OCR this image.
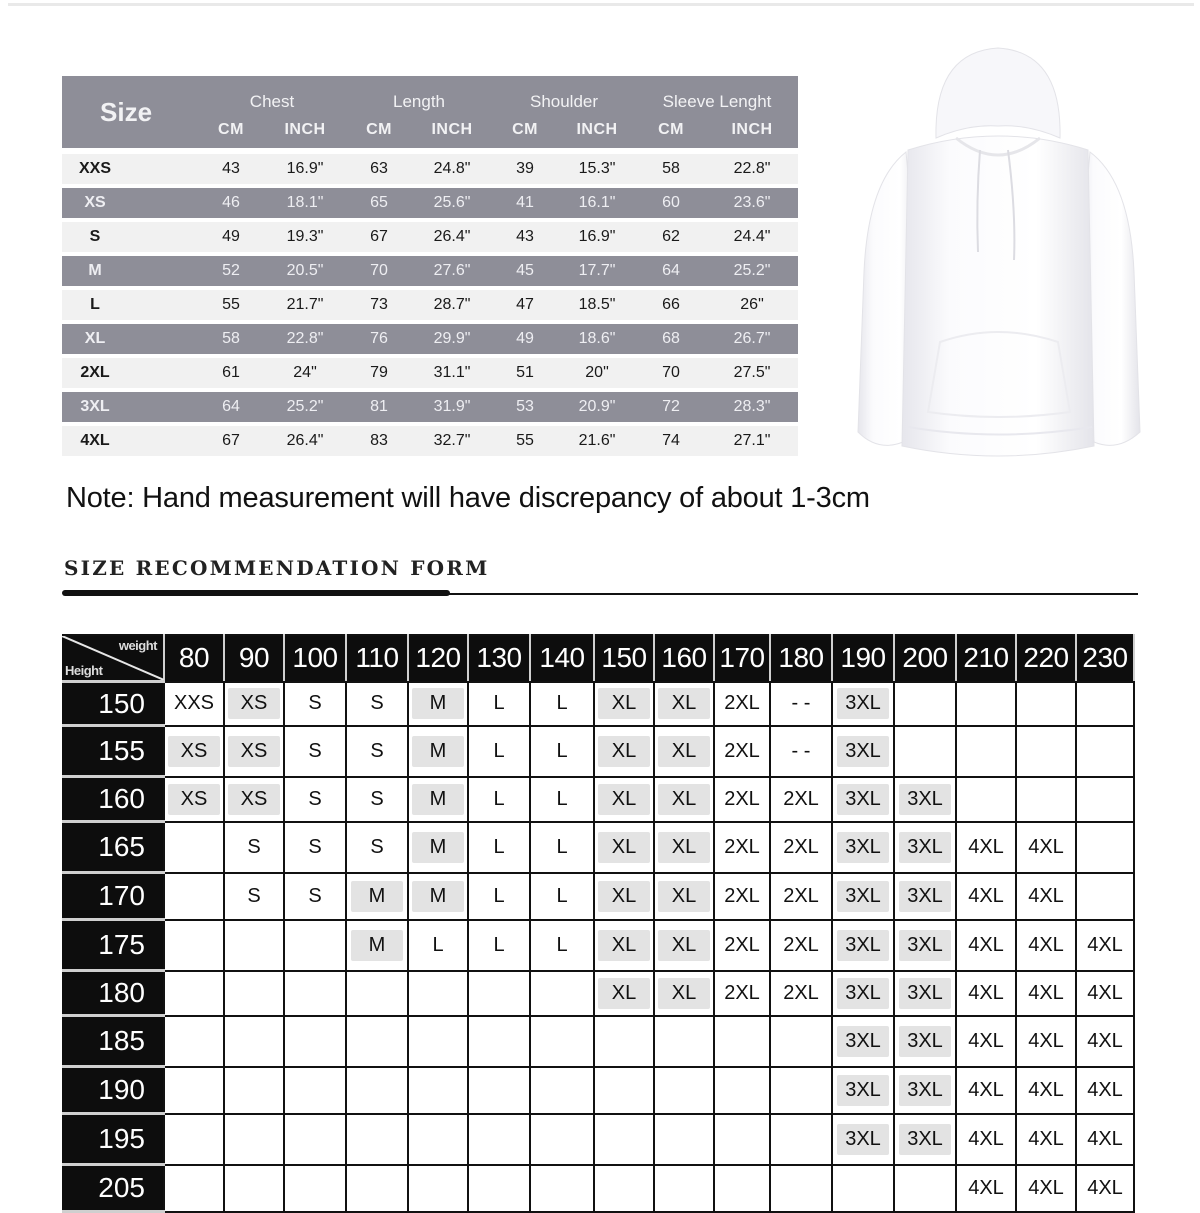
Size	Chest		Length		Shoulder		Sleeve Lenght	
	CM	INCH	CM	INCH	CM	INCH	CM	INCH

XXS	43	16.9"	63	24.8"	39	15.3"	58	22.8"

XS	46	18.1"	65	25.6"	41	16.1"	60	23.6"

S	49	19.3"	67	26.4"	43	16.9"	62	24.4"

M	52	20.5"	70	27.6"	45	17.7"	64	25.2"

L	55	21.7"	73	28.7"	47	18.5"	66	26"

XL	58	22.8"	76	29.9"	49	18.6"	68	26.7"

2XL	61	24"	79	31.1"	51	20"	70	27.5"

3XL	64	25.2"	81	31.9"	53	20.9"	72	28.3"

4XL	67	26.4"	83	32.7"	55	21.6"	74	27.1"
Note: Hand measurement will have discrepancy of about 1-3cm
SIZE RECOMMENDATION FORM
weight
Height	80	90	100	110	120	130	140	150	160	170	180	190	200	210	220	230
150	XXS	XS	S	S	M	L	L	XL	XL	2XL	- -	3XL				
155	XS	XS	S	S	M	L	L	XL	XL	2XL	- -	3XL				
160	XS	XS	S	S	M	L	L	XL	XL	2XL	2XL	3XL	3XL			
165		S	S	S	M	L	L	XL	XL	2XL	2XL	3XL	3XL	4XL	4XL	
170		S	S	M	M	L	L	XL	XL	2XL	2XL	3XL	3XL	4XL	4XL	
175				M	L	L	L	XL	XL	2XL	2XL	3XL	3XL	4XL	4XL	4XL
180								XL	XL	2XL	2XL	3XL	3XL	4XL	4XL	4XL
185												3XL	3XL	4XL	4XL	4XL
190												3XL	3XL	4XL	4XL	4XL
195												3XL	3XL	4XL	4XL	4XL
205														4XL	4XL	4XL
